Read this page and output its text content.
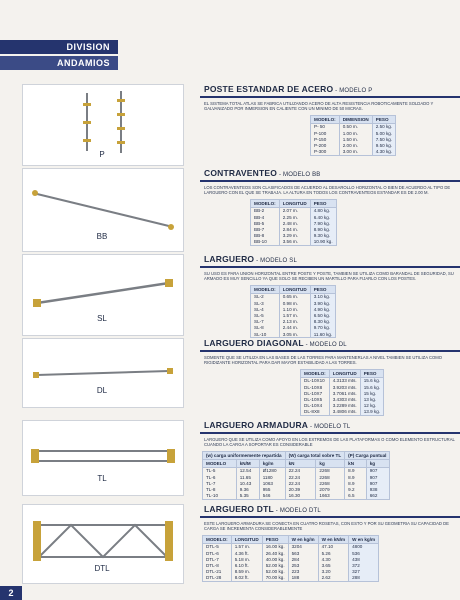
DIVISION
ANDAMIOS
P
POSTE ESTANDAR DE ACERO - MODELO P
EL SISTEMA TOTAL ATLAS SE FABRICA UTILIZANDO ACERO DE ALTA RESISTENCIA ROBOTICAMENTE SOLDADO Y GALVANIZADO POR INMERSION EN CALIENTE CON UN MINIMO DE 50 MICRAS.
MODELO:	DIMENSION	PESO
P- 50	0.50 m.	2.50 kg.
P-100	1.00 m.	5.00 kg.
P-150	1.50 m.	7.50 kg.
P-200	2.00 m.	9.50 kg.
P-300	3.00 m.	4.30 kg.
BB
CONTRAVENTEO - MODELO BB
LOS CONTRAVENTEOS SON CLASIFICADOS DE ACUERDO AL DESAROLLO HORIZONTAL O BIEN DE ACUERDO AL TIPO DE LARGUERO CON EL QUE SE TRABAJA. LA ALTURA EN TODOS LOS CONTRAVENTEOS ESTANDAR ES DE 2.00 M.
MODELO:	LONGITUD	PESO
BB-2	2.07 m.	4.80 kg.
BB-4	2.25 m.	6.40 kg.
BB-5	2.48 m.	7.90 kg.
BB-7	2.84 m.	8.90 kg.
BB-8	3.29 m.	9.30 kg.
BB-10	3.56 m.	10.90 kg.
SL
LARGUERO - MODELO SL
SU USO ES PARA UNION HORIZONTAL ENTRE POSTE Y POSTE, TAMBIEN SE UTILIZA COMO BARANDAL DE SEGURIDAD, SU ARMADO ES MUY SENCILLO YA QUE SOLO SE RECIBEN UN MARTILLO PARA FIJARLO CON LOS POSTES.
MODELO:	LONGITUD	PESO
SL-2	0.65 m.	3.10 kg.
SL-3	0.98 m.	3.90 kg.
SL-4	1.10 m.	4.90 kg.
SL-5	1.57 m.	6.50 kg.
SL-7	2.13 m.	8.30 kg.
SL-8	2.44 m.	9.70 kg.
SL-10	3.05 m.	11.60 kg.
DL
LARGUERO DIAGONAL - MODELO DL
SOMENTE QUE SE UTILIZA EN LAS BASES DE LAS TORRES PARA MANTENERLAS A NIVEL TAMBIEN SE UTILIZA COMO RIGIDIZANTE HORIZONTAL PARA DAR MAYOR ESTABILIDAD A LAS TORRES.
MODELO:	LONGITUD	PESO
DL-10X10	4.3133 mts.	15.6 kg.
DL-10X8	3.9203 mts.	15.6 kg.
DL-10X7	3.7061 mts.	15 kg.
DL-10X5	3.4303 mts.	13 kg.
DL-10X4	3.2289 mts.	12 kg.
DL-8X8	3.4806 mts.	13.9 kg.
TL
LARGUERO ARMADURA - MODELO TL
LARGUERO QUE SE UTILIZA COMO APOYO EN LOS EXTREMOS DE LAS PLATAFORMAS O COMO ELEMENTO ESTRUCTURAL CUANDO LA CARGA A SOPORTAR ES CONSIDERABLE
(w) carga uniformemente repartida			(W) carga total sobre TL		(P) Carga puntual	
MODELO	kN/M	kg/m	kN	kg	kN	kg
TL-5	12.54	Ø1280	22.24	2268	8.9	907
TL-6	11.65	1180	22.24	2268	8.9	907
TL-7	10.43	1063	22.24	2268	8.9	907
TL-8	9.36	955	20.39	2079	9.2	938
TL-10	5.35	546	16.30	1663	6.5	662
DTL
LARGUERO DTL - MODELO DTL
ESTE LARGUERO ARMADURA SE CONECTA EN CUATRO ROSETAS, CON ESTO Y POR SU GEOMETRIA SU CAPACIDAD DE CARGA SE INCREMENTA CONSIDERABLEMENTE
MODELO:	LONGITUD	PESO	W en kg/m	W en kN/m	W en kg/m
DTL-5	1.57 m.	16.00 kg.	3204	47.10	4800
DTL-6	4.36 ft.	26.40 kg.	563	5.26	536
DTL-7	5.18 m.	40.00 kg.	284	4.30	438
DTL-8	6.10 ft.	52.00 kg.	253	3.65	372
DTL-21	8.59 m.	52.00 kg.	223	3.20	327
DTL-28	8.02 ft.	70.00 kg.	188	2.62	288
2
